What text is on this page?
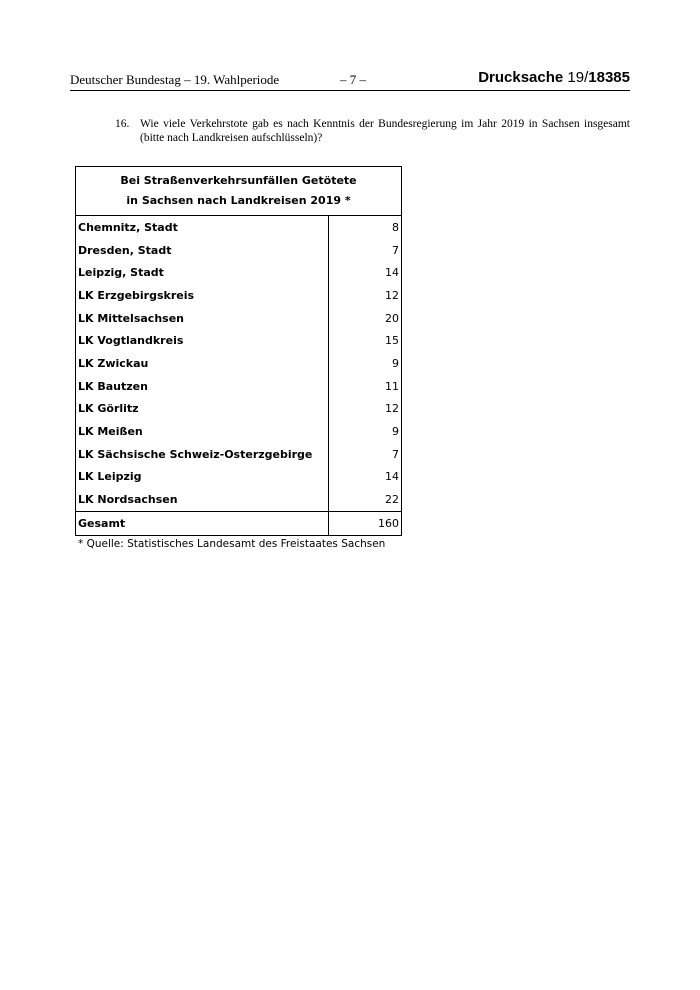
Deutscher Bundestag – 19. Wahlperiode	– 7 –	Drucksache 19/18385
16. Wie viele Verkehrstote gab es nach Kenntnis der Bundesregierung im Jahr 2019 in Sachsen insgesamt (bitte nach Landkreisen aufschlüsseln)?
Bei Straßenverkehrsunfällen Getötete
in Sachsen nach Landkreisen 2019 *	
Chemnitz, Stadt	8
Dresden, Stadt	7
Leipzig, Stadt	14
LK Erzgebirgskreis	12
LK Mittelsachsen	20
LK Vogtlandkreis	15
LK Zwickau	9
LK Bautzen	11
LK Görlitz	12
LK Meißen	9
LK Sächsische Schweiz-Osterzgebirge	7
LK Leipzig	14
LK Nordsachsen	22
Gesamt	160
* Quelle: Statistisches Landesamt des Freistaates Sachsen
